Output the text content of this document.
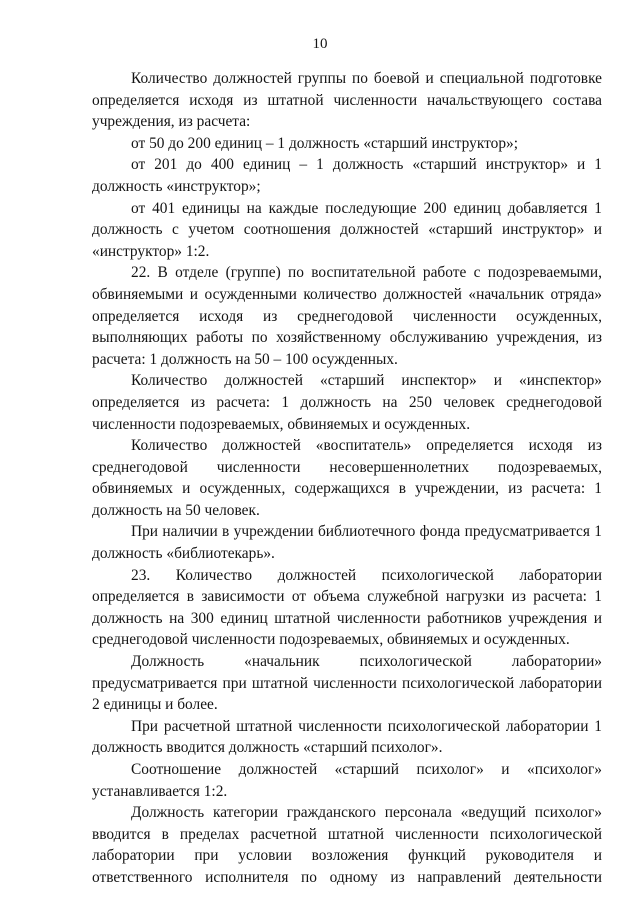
10

Количество должностей группы по боевой и специальной подготовке определяется исходя из штатной численности начальствующего состава учреждения, из расчета:

от 50 до 200 единиц – 1 должность «старший инструктор»;

от 201 до 400 единиц – 1 должность «старший инструктор» и 1 должность «инструктор»;

от 401 единицы на каждые последующие 200 единиц добавляется 1 должность с учетом соотношения должностей «старший инструктор» и «инструктор» 1:2.

22. В отделе (группе) по воспитательной работе с подозреваемыми, обвиняемыми и осужденными количество должностей «начальник отряда» определяется исходя из среднегодовой численности осужденных, выполняющих работы по хозяйственному обслуживанию учреждения, из расчета: 1 должность на 50 – 100 осужденных.

Количество должностей «старший инспектор» и «инспектор» определяется из расчета: 1 должность на 250 человек среднегодовой численности подозреваемых, обвиняемых и осужденных.

Количество должностей «воспитатель» определяется исходя из среднегодовой численности несовершеннолетних подозреваемых, обвиняемых и осужденных, содержащихся в учреждении, из расчета: 1 должность на 50 человек.

При наличии в учреждении библиотечного фонда предусматривается 1 должность «библиотекарь».

23. Количество должностей психологической лаборатории определяется в зависимости от объема служебной нагрузки из расчета: 1 должность на 300 единиц штатной численности работников учреждения и среднегодовой численности подозреваемых, обвиняемых и осужденных.

Должность «начальник психологической лаборатории» предусматривается при штатной численности психологической лаборатории 2 единицы и более.

При расчетной штатной численности психологической лаборатории 1 должность вводится должность «старший психолог».

Соотношение должностей «старший психолог» и «психолог» устанавливается 1:2.

Должность категории гражданского персонала «ведущий психолог» вводится в пределах расчетной штатной численности психологической лаборатории при условии возложения функций руководителя и ответственного исполнителя по одному из направлений деятельности
